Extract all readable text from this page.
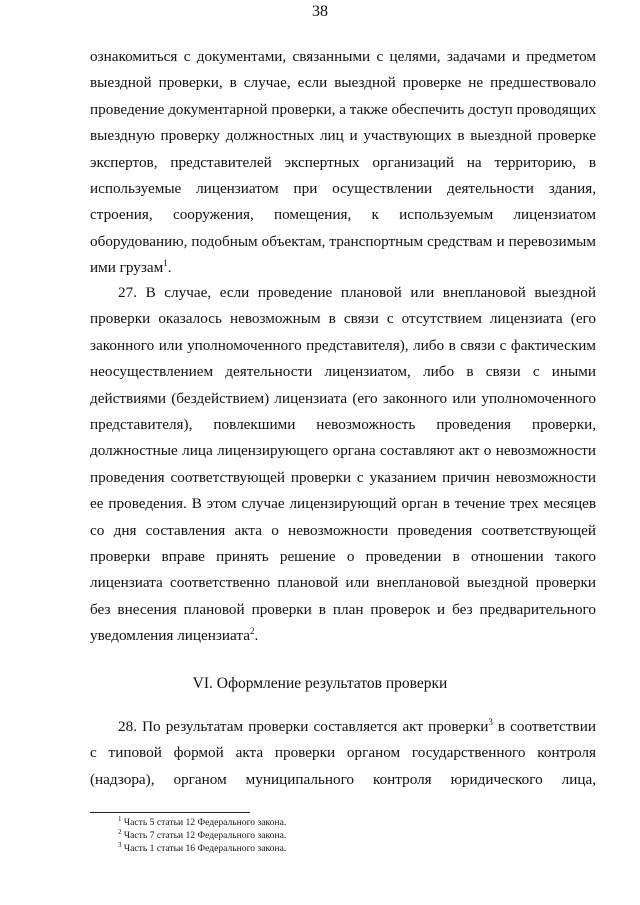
38
ознакомиться с документами, связанными с целями, задачами и предметом
выездной проверки, в случае, если выездной проверке не предшествовало
проведение документарной проверки, а также обеспечить доступ проводящих
выездную проверку должностных лиц и участвующих в выездной проверке
экспертов, представителей экспертных организаций на территорию, в
используемые лицензиатом при осуществлении деятельности здания,
строения, сооружения, помещения, к используемым лицензиатом
оборудованию, подобным объектам, транспортным средствам и перевозимым
ими грузам$^1$.
27. В случае, если проведение плановой или внеплановой выездной
проверки оказалось невозможным в связи с отсутствием лицензиата (его
законного или уполномоченного представителя), либо в связи с фактическим
неосуществлением деятельности лицензиатом, либо в связи с иными
действиями (бездействием) лицензиата (его законного или уполномоченного
представителя), повлекшими невозможность проведения проверки,
должностные лица лицензирующего органа составляют акт о невозможности
проведения соответствующей проверки с указанием причин невозможности
ее проведения. В этом случае лицензирующий орган в течение трех месяцев
со дня составления акта о невозможности проведения соответствующей
проверки вправе принять решение о проведении в отношении такого
лицензиата соответственно плановой или внеплановой выездной проверки
без внесения плановой проверки в план проверок и без предварительного
уведомления лицензиата$^2$.
VI. Оформление результатов проверки
28. По результатам проверки составляется акт проверки$^3$ в соответствии
с типовой формой акта проверки органом государственного контроля
(надзора), органом муниципального контроля юридического лица,
$^1$ Часть 5 статьи 12 Федерального закона.
$^2$ Часть 7 статьи 12 Федерального закона.
$^3$ Часть 1 статьи 16 Федерального закона.
